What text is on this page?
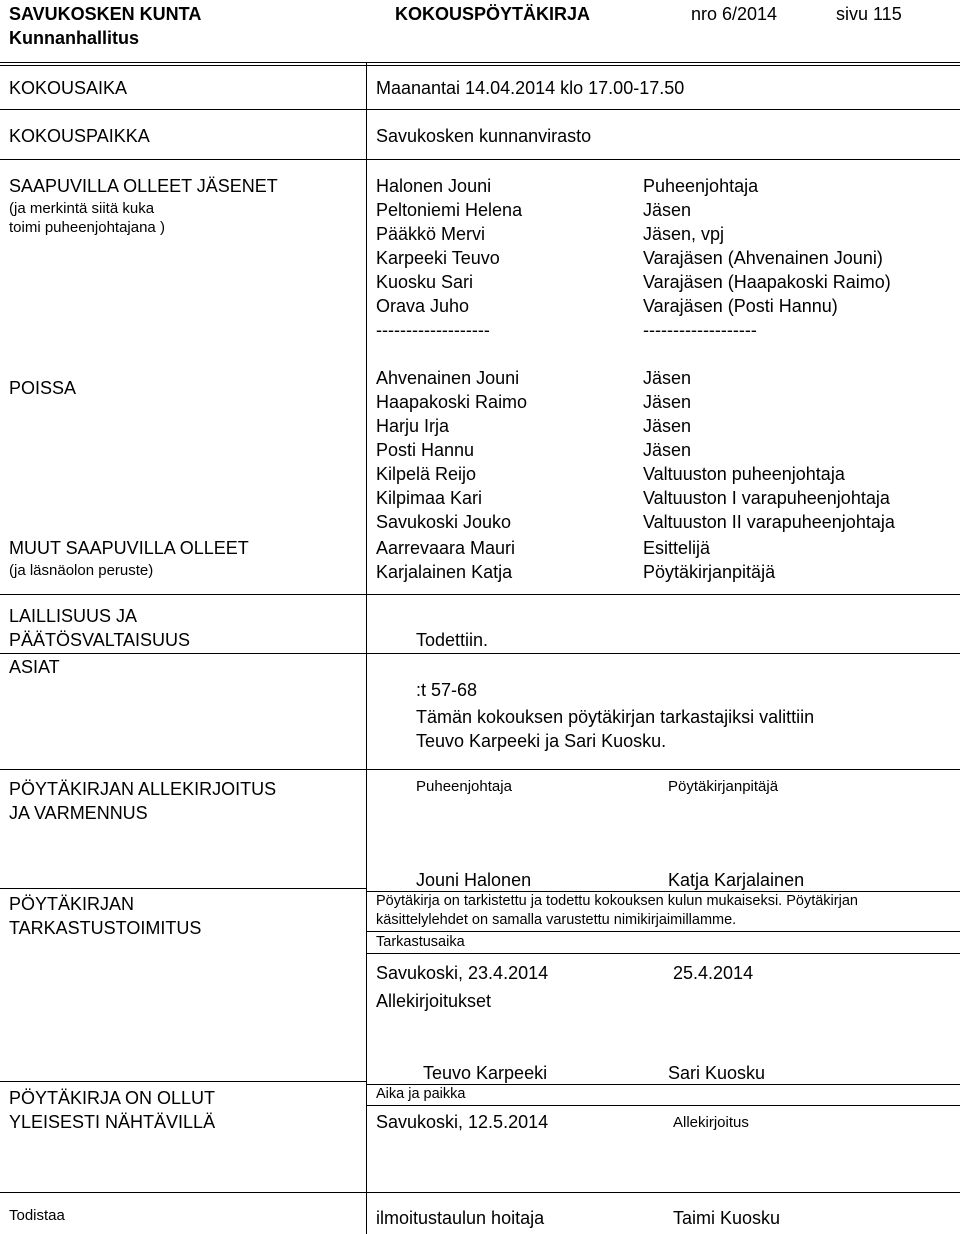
SAVUKOSKEN KUNTA
Kunnanhallitus
KOKOUSPÖYTÄKIRJA	nro 6/2014	sivu 115
KOKOUSAIKA	Maanantai 14.04.2014 klo 17.00-17.50
KOKOUSPAIKKA	Savukosken kunnanvirasto
SAAPUVILLA OLLEET JÄSENET
(ja merkintä siitä kuka
toimi puheenjohtajana )
Halonen Jouni	Puheenjohtaja
Peltoniemi Helena	Jäsen
Pääkkö Mervi	Jäsen, vpj
Karpeeki Teuvo	Varajäsen (Ahvenainen Jouni)
Kuosku Sari	Varajäsen (Haapakoski Raimo)
Orava Juho	Varajäsen (Posti Hannu)
-------------------	-------------------
POISSA	Ahvenainen Jouni	Jäsen
Haapakoski Raimo	Jäsen
Harju Irja	Jäsen
Posti Hannu	Jäsen
Kilpelä Reijo	Valtuuston puheenjohtaja
Kilpimaa Kari	Valtuuston I varapuheenjohtaja
Savukoski Jouko	Valtuuston II varapuheenjohtaja
MUUT SAAPUVILLA OLLEET
(ja läsnäolon peruste)
Aarrevaara Mauri	Esittelijä
Karjalainen Katja	Pöytäkirjanpitäjä
LAILLISUUS JA
PÄÄTÖSVALTAISUUS	Todettiin.
ASIAT
:t 57-68
Tämän kokouksen pöytäkirjan tarkastajiksi valittiin
Teuvo Karpeeki ja Sari Kuosku.
PÖYTÄKIRJAN ALLEKIRJOITUS
JA VARMENNUS
Puheenjohtaja	Pöytäkirjanpitäjä
Jouni Halonen	Katja Karjalainen
PÖYTÄKIRJAN
TARKASTUSTOIMITUS
Pöytäkirja on tarkistettu ja todettu kokouksen kulun mukaiseksi. Pöytäkirjan
käsittelylehdet on samalla varustettu nimikirjaimillamme.
Tarkastusaika
Savukoski, 23.4.2014	25.4.2014
Allekirjoitukset
Teuvo Karpeeki	Sari Kuosku
PÖYTÄKIRJA ON OLLUT
YLEISESTI NÄHTÄVILLÄ
Aika ja paikka
Savukoski, 12.5.2014	Allekirjoitus
Todistaa	ilmoitustaulun hoitaja	Taimi Kuosku
